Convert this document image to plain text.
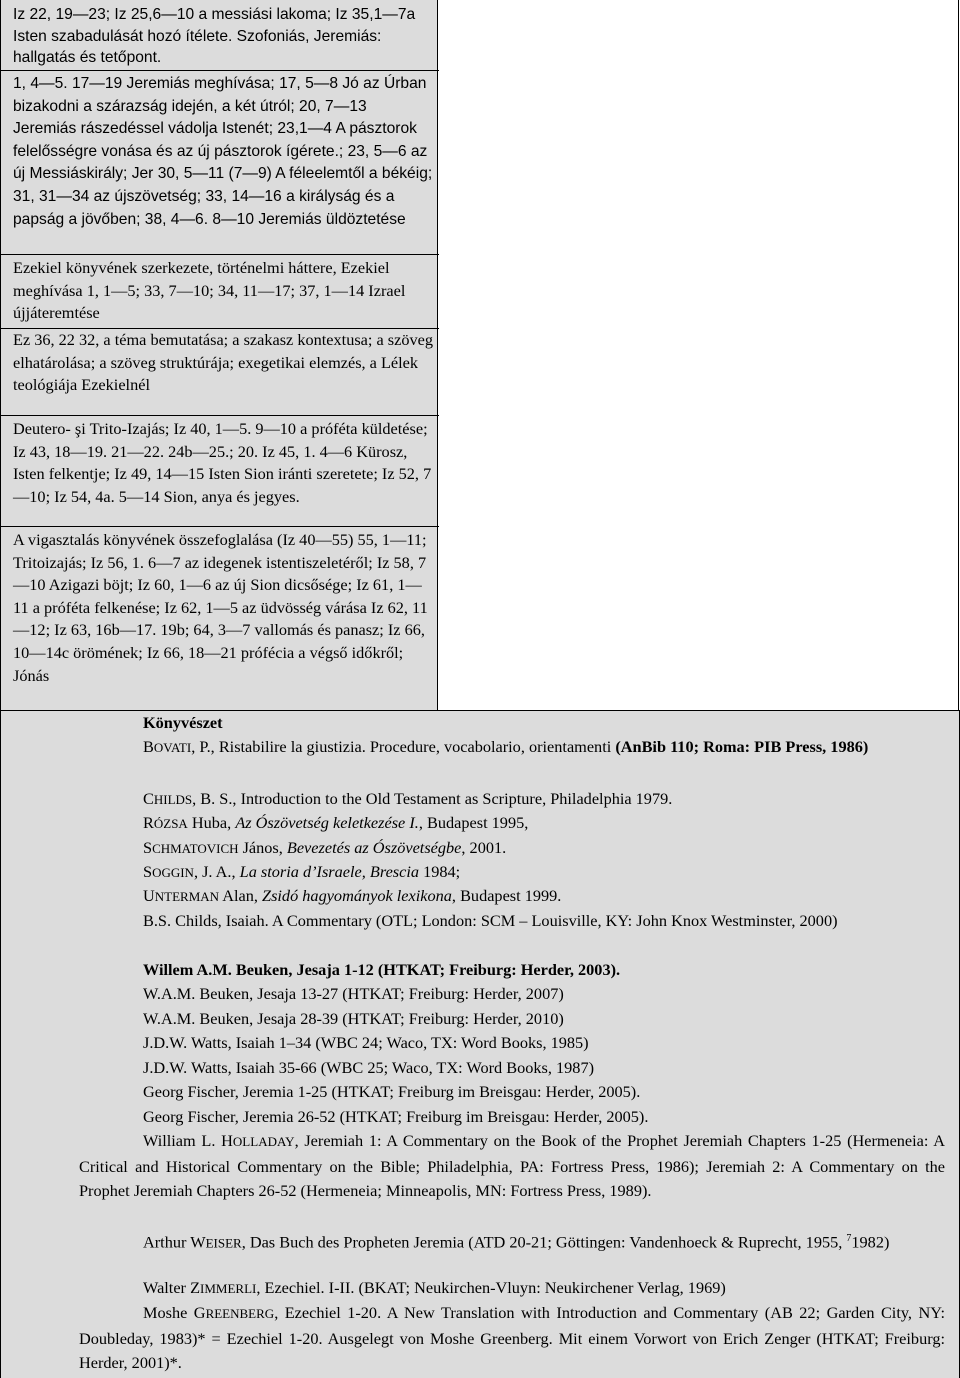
Iz 22, 19—23; Iz 25,6—10 a messiási lakoma; Iz 35,1—7a Isten szabadulását hozó ítélete. Szofoniás, Jeremiás: hallgatás és tetőpont.
1, 4—5. 17—19 Jeremiás meghívása; 17, 5—8 Jó az Úrban bizakodni a szárazság idején, a két útról; 20, 7—13 Jeremiás rászedéssel vádolja Istenét; 23,1—4 A pásztorok felelősségre vonása és az új pásztorok ígérete.; 23, 5—6 az új Messiáskirály; Jer 30, 5—11 (7—9) A féleelemtől a békéig; 31, 31—34 az újszövetség; 33, 14—16 a királyság és a papság a jövőben; 38, 4—6. 8—10 Jeremiás üldöztetése
Ezekiel könyvének szerkezete, történelmi háttere, Ezekiel meghívása 1, 1—5; 33, 7—10; 34, 11—17; 37, 1—14 Izrael újjáteremtése
Ez 36, 22 32, a téma bemutatása; a szakasz kontextusa; a szöveg elhatárolása; a szöveg struktúrája; exegetikai elemzés, a Lélek teológiája Ezekielnél
Deutero- şi Trito-Izajás; Iz 40, 1—5. 9—10 a próféta küldetése; Iz 43, 18—19. 21—22. 24b—25.; 20. Iz 45, 1. 4—6 Kürosz, Isten felkentje; Iz 49, 14—15 Isten Sion iránti szeretete; Iz 52, 7—10; Iz 54, 4a. 5—14 Sion, anya és jegyes.
A vigasztalás könyvének összefoglalása (Iz 40—55) 55, 1—11; Tritoizajás; Iz 56, 1. 6—7 az idegenek istentiszeletéről; Iz 58, 7—10 Azigazi böjt; Iz 60, 1—6 az új Sion dicsősége; Iz 61, 1—11 a próféta felkenése; Iz 62, 1—5 az üdvösség várása Iz 62, 11—12; Iz 63, 16b—17. 19b; 64, 3—7 vallomás és panasz; Iz 66, 10—14c örömének; Iz 66, 18—21 prófécia a végső időkről; Jónás
Könyvészet
BOVATI, P., Ristabilire la giustizia. Procedure, vocabolario, orientamenti (AnBib 110; Roma: PIB Press, 1986)
CHILDS, B. S., Introduction to the Old Testament as Scripture, Philadelphia 1979.
RÓZSA Huba, Az Ószövetség keletkezése I., Budapest 1995,
SCHMATOVICH János, Bevezetés az Ószövetségbe, 2001.
SOGGIN, J. A., La storia d’Israele, Brescia 1984;
UNTERMAN Alan, Zsidó hagyományok lexikona, Budapest 1999.
B.S. Childs, Isaiah. A Commentary (OTL; London: SCM – Louisville, KY: John Knox Westminster, 2000)
Willem A.M. Beuken, Jesaja 1-12 (HTKAT; Freiburg: Herder, 2003).
W.A.M. Beuken, Jesaja 13-27 (HTKAT; Freiburg: Herder, 2007)
W.A.M. Beuken, Jesaja 28-39 (HTKAT; Freiburg: Herder, 2010)
J.D.W. Watts, Isaiah 1–34 (WBC 24; Waco, TX: Word Books, 1985)
J.D.W. Watts, Isaiah 35-66 (WBC 25; Waco, TX: Word Books, 1987)
Georg Fischer, Jeremia 1-25 (HTKAT; Freiburg im Breisgau: Herder, 2005).
Georg Fischer, Jeremia 26-52 (HTKAT; Freiburg im Breisgau: Herder, 2005).
William L. HOLLADAY, Jeremiah 1: A Commentary on the Book of the Prophet Jeremiah Chapters 1-25 (Hermeneia: A Critical and Historical Commentary on the Bible; Philadelphia, PA: Fortress Press, 1986); Jeremiah 2: A Commentary on the Prophet Jeremiah Chapters 26-52 (Hermeneia; Minneapolis, MN: Fortress Press, 1989).
Arthur WEISER, Das Buch des Propheten Jeremia (ATD 20-21; Göttingen: Vandenhoeck & Ruprecht, 1955, $^7$1982)
Walter ZIMMERLI, Ezechiel. I-II. (BKAT; Neukirchen-Vluyn: Neukirchener Verlag, 1969)
Moshe GREENBERG, Ezechiel 1-20. A New Translation with Introduction and Commentary (AB 22; Garden City, NY: Doubleday, 1983)* = Ezechiel 1-20. Ausgelegt von Moshe Greenberg. Mit einem Vorwort von Erich Zenger (HTKAT; Freiburg: Herder, 2001)*.
